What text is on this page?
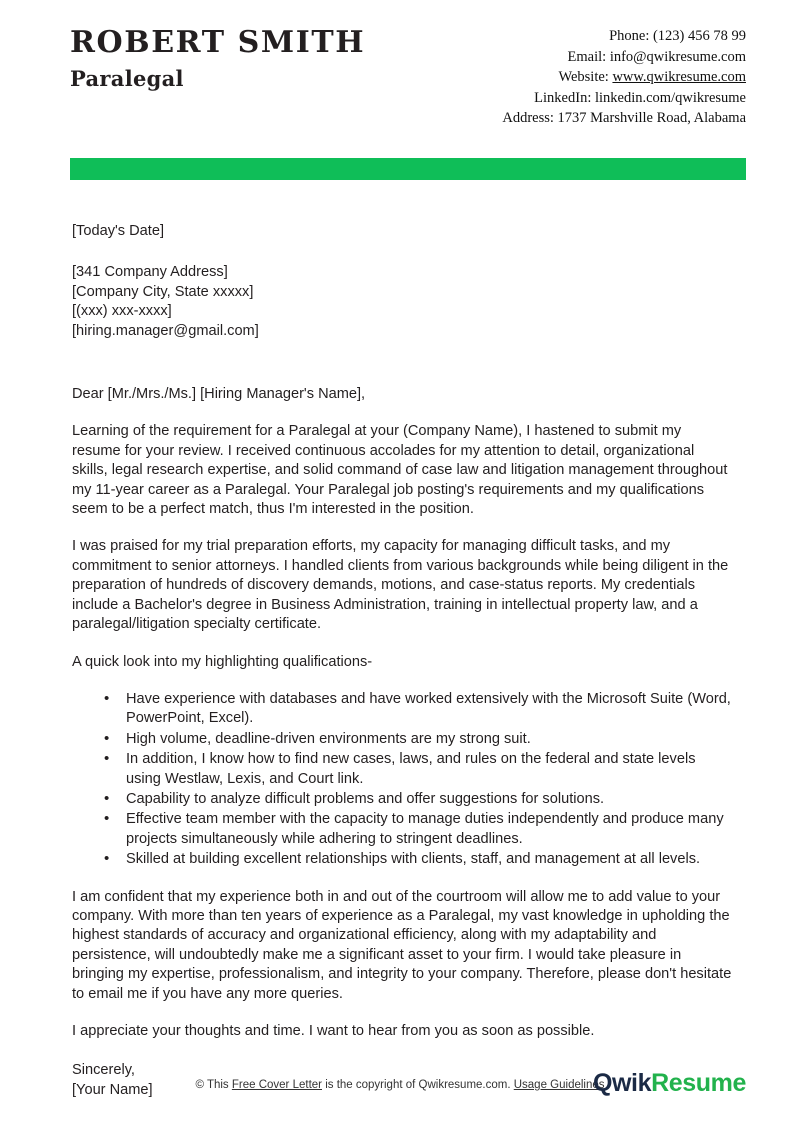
ROBERT SMITH
Paralegal
Phone: (123) 456 78 99
Email: info@qwikresume.com
Website: www.qwikresume.com
LinkedIn: linkedin.com/qwikresume
Address: 1737 Marshville Road, Alabama
[Today's Date]
[341 Company Address]
[Company City, State xxxxx]
[(xxx) xxx-xxxx]
[hiring.manager@gmail.com]
Dear [Mr./Mrs./Ms.] [Hiring Manager's Name],

Learning of the requirement for a Paralegal at your (Company Name), I hastened to submit my resume for your review. I received continuous accolades for my attention to detail, organizational skills, legal research expertise, and solid command of case law and litigation management throughout my 11-year career as a Paralegal. Your Paralegal job posting's requirements and my qualifications seem to be a perfect match, thus I'm interested in the position.

I was praised for my trial preparation efforts, my capacity for managing difficult tasks, and my commitment to senior attorneys. I handled clients from various backgrounds while being diligent in the preparation of hundreds of discovery demands, motions, and case-status reports. My credentials include a Bachelor's degree in Business Administration, training in intellectual property law, and a paralegal/litigation specialty certificate.

A quick look into my highlighting qualifications-

• Have experience with databases and have worked extensively with the Microsoft Suite (Word, PowerPoint, Excel).
• High volume, deadline-driven environments are my strong suit.
• In addition, I know how to find new cases, laws, and rules on the federal and state levels using Westlaw, Lexis, and Court link.
• Capability to analyze difficult problems and offer suggestions for solutions.
• Effective team member with the capacity to manage duties independently and produce many projects simultaneously while adhering to stringent deadlines.
• Skilled at building excellent relationships with clients, staff, and management at all levels.

I am confident that my experience both in and out of the courtroom will allow me to add value to your company. With more than ten years of experience as a Paralegal, my vast knowledge in upholding the highest standards of accuracy and organizational efficiency, along with my adaptability and persistence, will undoubtedly make me a significant asset to your firm. I would take pleasure in bringing my expertise, professionalism, and integrity to your company. Therefore, please don't hesitate to email me if you have any more queries.

I appreciate your thoughts and time. I want to hear from you as soon as possible.

Sincerely,
[Your Name]	© This Free Cover Letter is the copyright of Qwikresume.com. Usage Guidelines
QwikResume
